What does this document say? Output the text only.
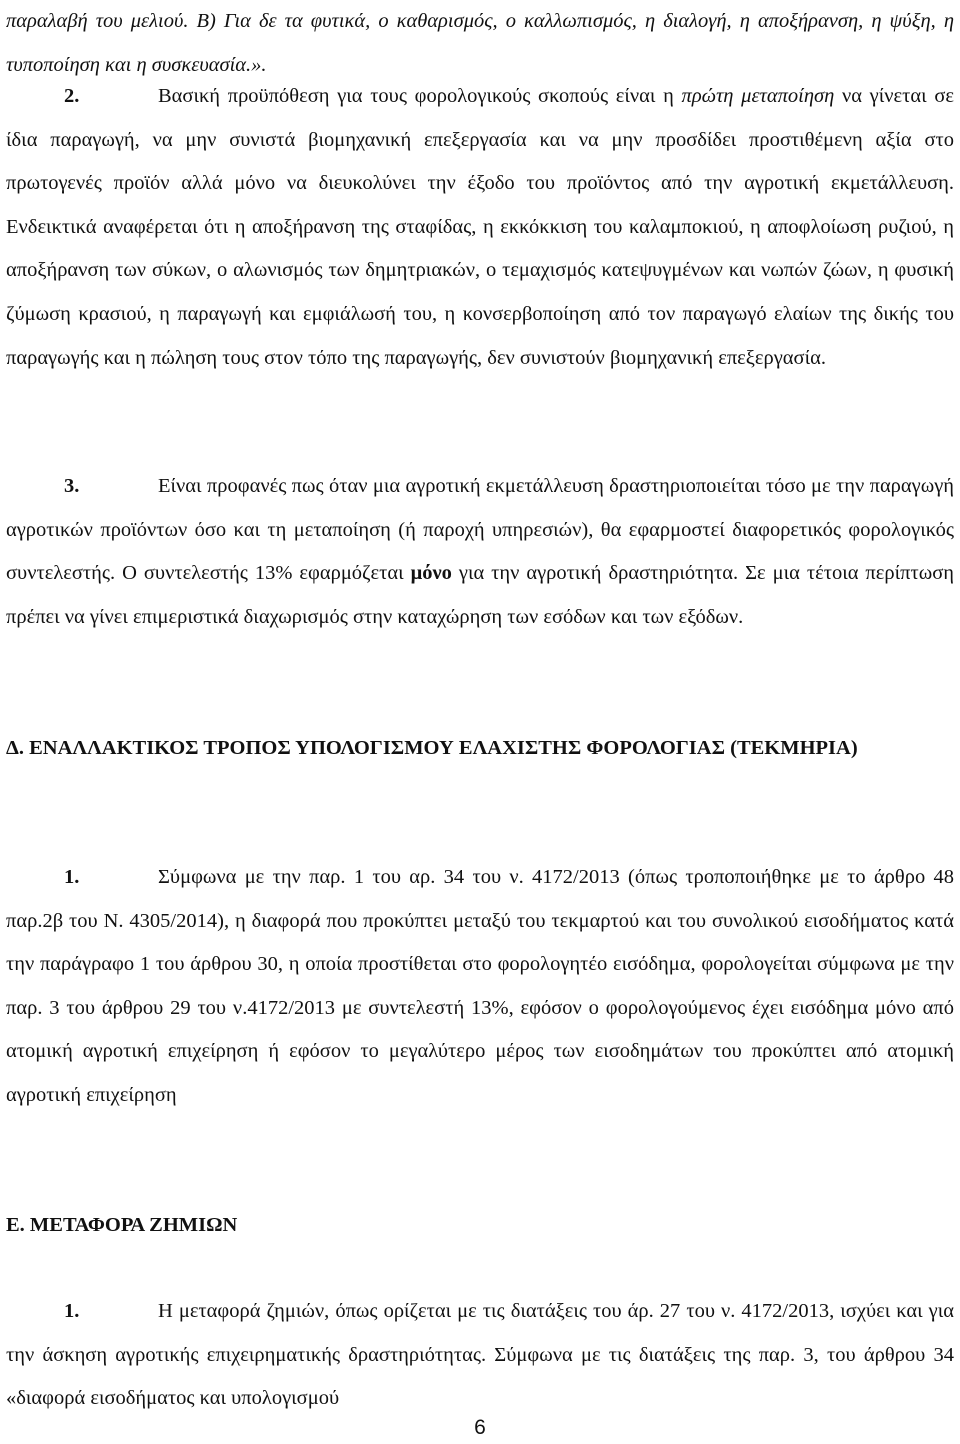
παραλαβή του μελιού. Β) Για δε τα φυτικά, ο καθαρισμός, ο καλλωπισμός, η διαλογή, η αποξήρανση, η ψύξη, η τυποποίηση και η συσκευασία.».

2.	Βασική προϋπόθεση για τους φορολογικούς σκοπούς είναι η πρώτη μεταποίηση να γίνεται σε ίδια παραγωγή, να μην συνιστά βιομηχανική επεξεργασία και να μην προσδίδει προστιθέμενη αξία στο πρωτογενές προϊόν αλλά μόνο να διευκολύνει την έξοδο του προϊόντος από την αγροτική εκμετάλλευση. Ενδεικτικά αναφέρεται ότι η αποξήρανση της σταφίδας, η εκκόκκιση του καλαμποκιού, η αποφλοίωση ρυζιού, η αποξήρανση των σύκων, ο αλωνισμός των δημητριακών, ο τεμαχισμός κατεψυγμένων και νωπών ζώων, η φυσική ζύμωση κρασιού, η παραγωγή και εμφιάλωσή του, η κονσερβοποίηση από τον παραγωγό ελαίων της δικής του παραγωγής και η πώληση τους στον τόπο της παραγωγής, δεν συνιστούν βιομηχανική επεξεργασία.

3.	Είναι προφανές πως όταν μια αγροτική εκμετάλλευση δραστηριοποιείται τόσο με την παραγωγή αγροτικών προϊόντων όσο και τη μεταποίηση (ή παροχή υπηρεσιών), θα εφαρμοστεί διαφορετικός φορολογικός συντελεστής. Ο συντελεστής 13% εφαρμόζεται μόνο για την αγροτική δραστηριότητα. Σε μια τέτοια περίπτωση πρέπει να γίνει επιμεριστικά διαχωρισμός στην καταχώρηση των εσόδων και των εξόδων.

Δ. ΕΝΑΛΛΑΚΤΙΚΟΣ ΤΡΟΠΟΣ ΥΠΟΛΟΓΙΣΜΟΥ ΕΛΑΧΙΣΤΗΣ ΦΟΡΟΛΟΓΙΑΣ (ΤΕΚΜΗΡΙΑ)

1.	Σύμφωνα με την παρ. 1 του αρ. 34 του ν. 4172/2013 (όπως τροποποιήθηκε με το άρθρο 48 παρ.2β του Ν. 4305/2014), η διαφορά που προκύπτει μεταξύ του τεκμαρτού και του συνολικού εισοδήματος κατά την παράγραφο 1 του άρθρου 30, η οποία προστίθεται στο φορολογητέο εισόδημα, φορολογείται σύμφωνα με την παρ. 3 του άρθρου 29 του ν.4172/2013 με συντελεστή 13%, εφόσον ο φορολογούμενος έχει εισόδημα μόνο από ατομική αγροτική επιχείρηση ή εφόσον το μεγαλύτερο μέρος των εισοδημάτων του προκύπτει από ατομική αγροτική επιχείρηση

Ε. ΜΕΤΑΦΟΡΑ ΖΗΜΙΩΝ

1.	Η μεταφορά ζημιών, όπως ορίζεται με τις διατάξεις του άρ. 27 του ν. 4172/2013, ισχύει και για την άσκηση αγροτικής επιχειρηματικής δραστηριότητας. Σύμφωνα με τις διατάξεις της παρ. 3, του άρθρου 34 «διαφορά εισοδήματος και υπολογισμού

6
